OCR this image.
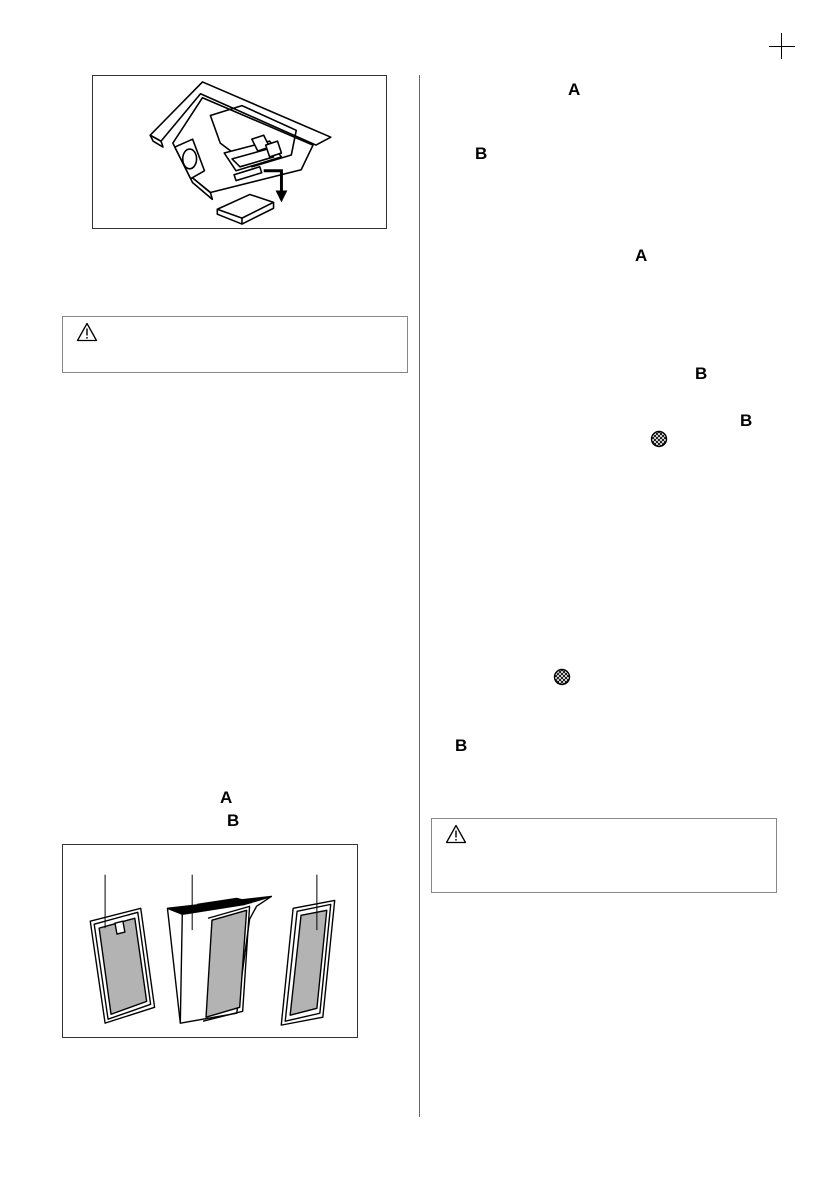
A
B
A
B
A
B
B
B
